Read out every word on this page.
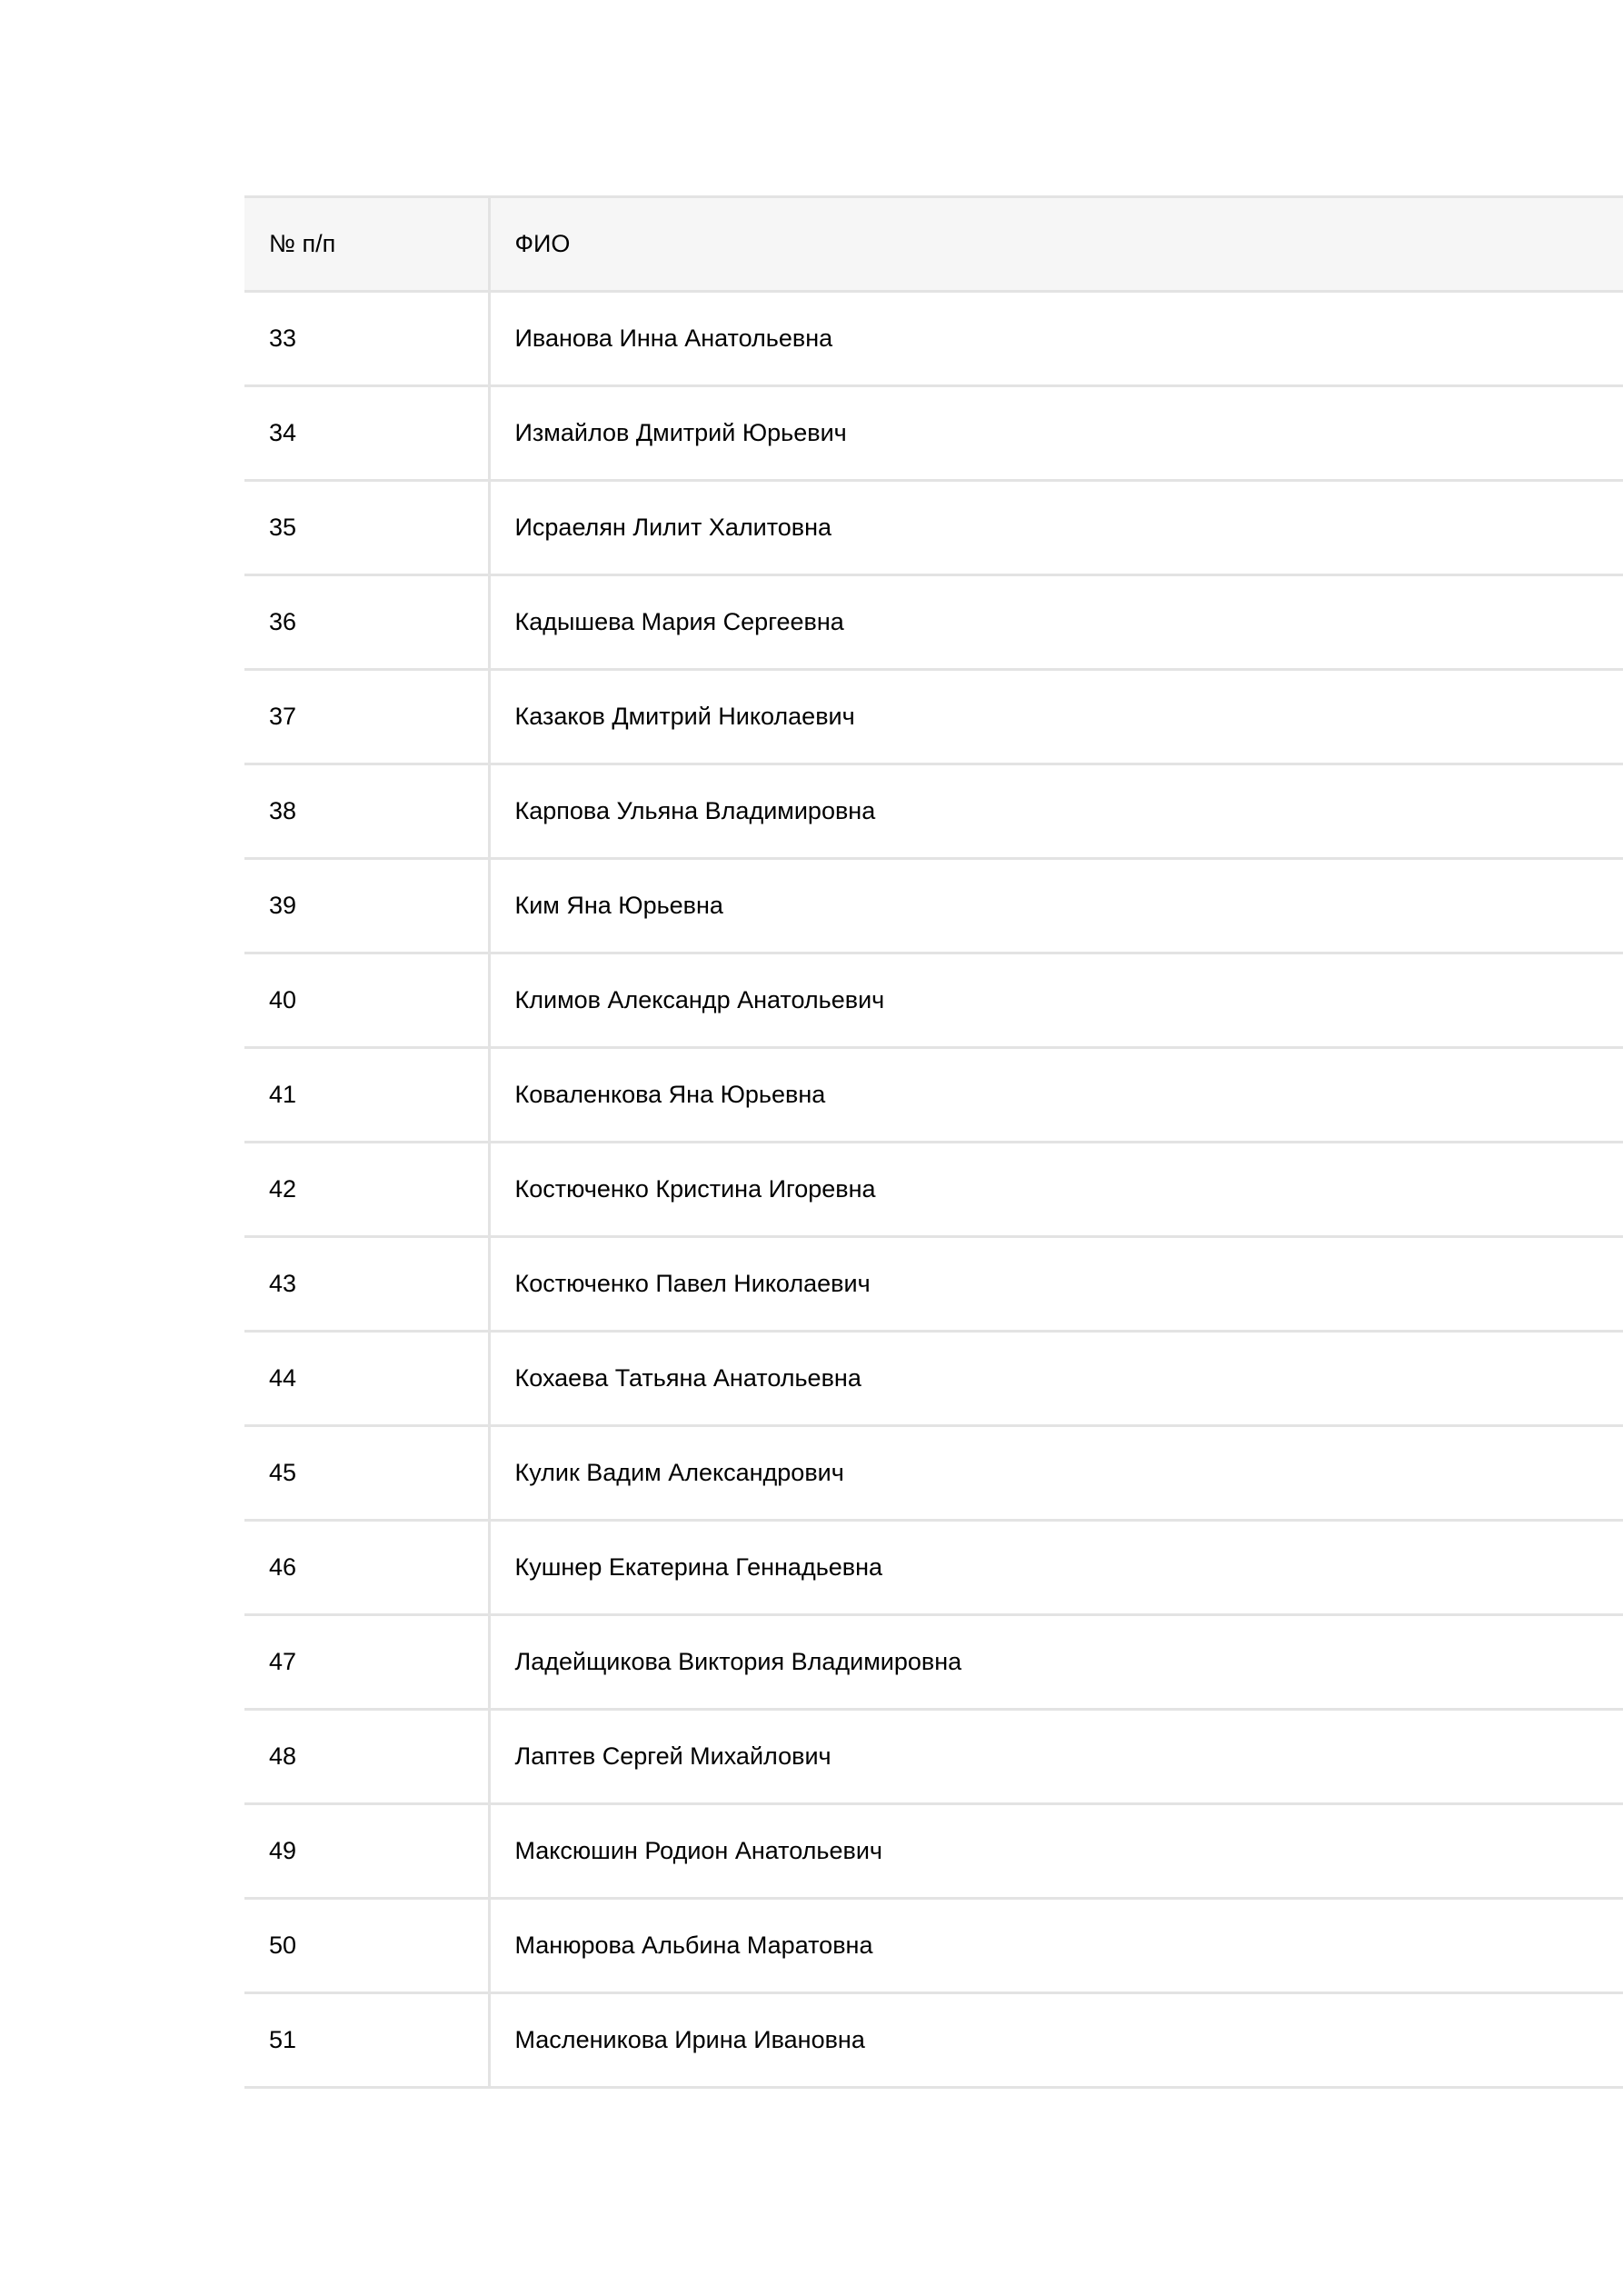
№ п/п	ФИО
33	Иванова Инна Анатольевна
34	Измайлов Дмитрий Юрьевич
35	Исраелян Лилит Халитовна
36	Кадышева Мария Сергеевна
37	Казаков Дмитрий Николаевич
38	Карпова Ульяна Владимировна
39	Ким Яна Юрьевна
40	Климов Александр Анатольевич
41	Коваленкова Яна Юрьевна
42	Костюченко Кристина Игоревна
43	Костюченко Павел Николаевич
44	Кохаева Татьяна Анатольевна
45	Кулик Вадим Александрович
46	Кушнер Екатерина Геннадьевна
47	Ладейщикова Виктория Владимировна
48	Лаптев Сергей Михайлович
49	Максюшин Родион Анатольевич
50	Манюрова Альбина Маратовна
51	Масленикова Ирина Ивановна
